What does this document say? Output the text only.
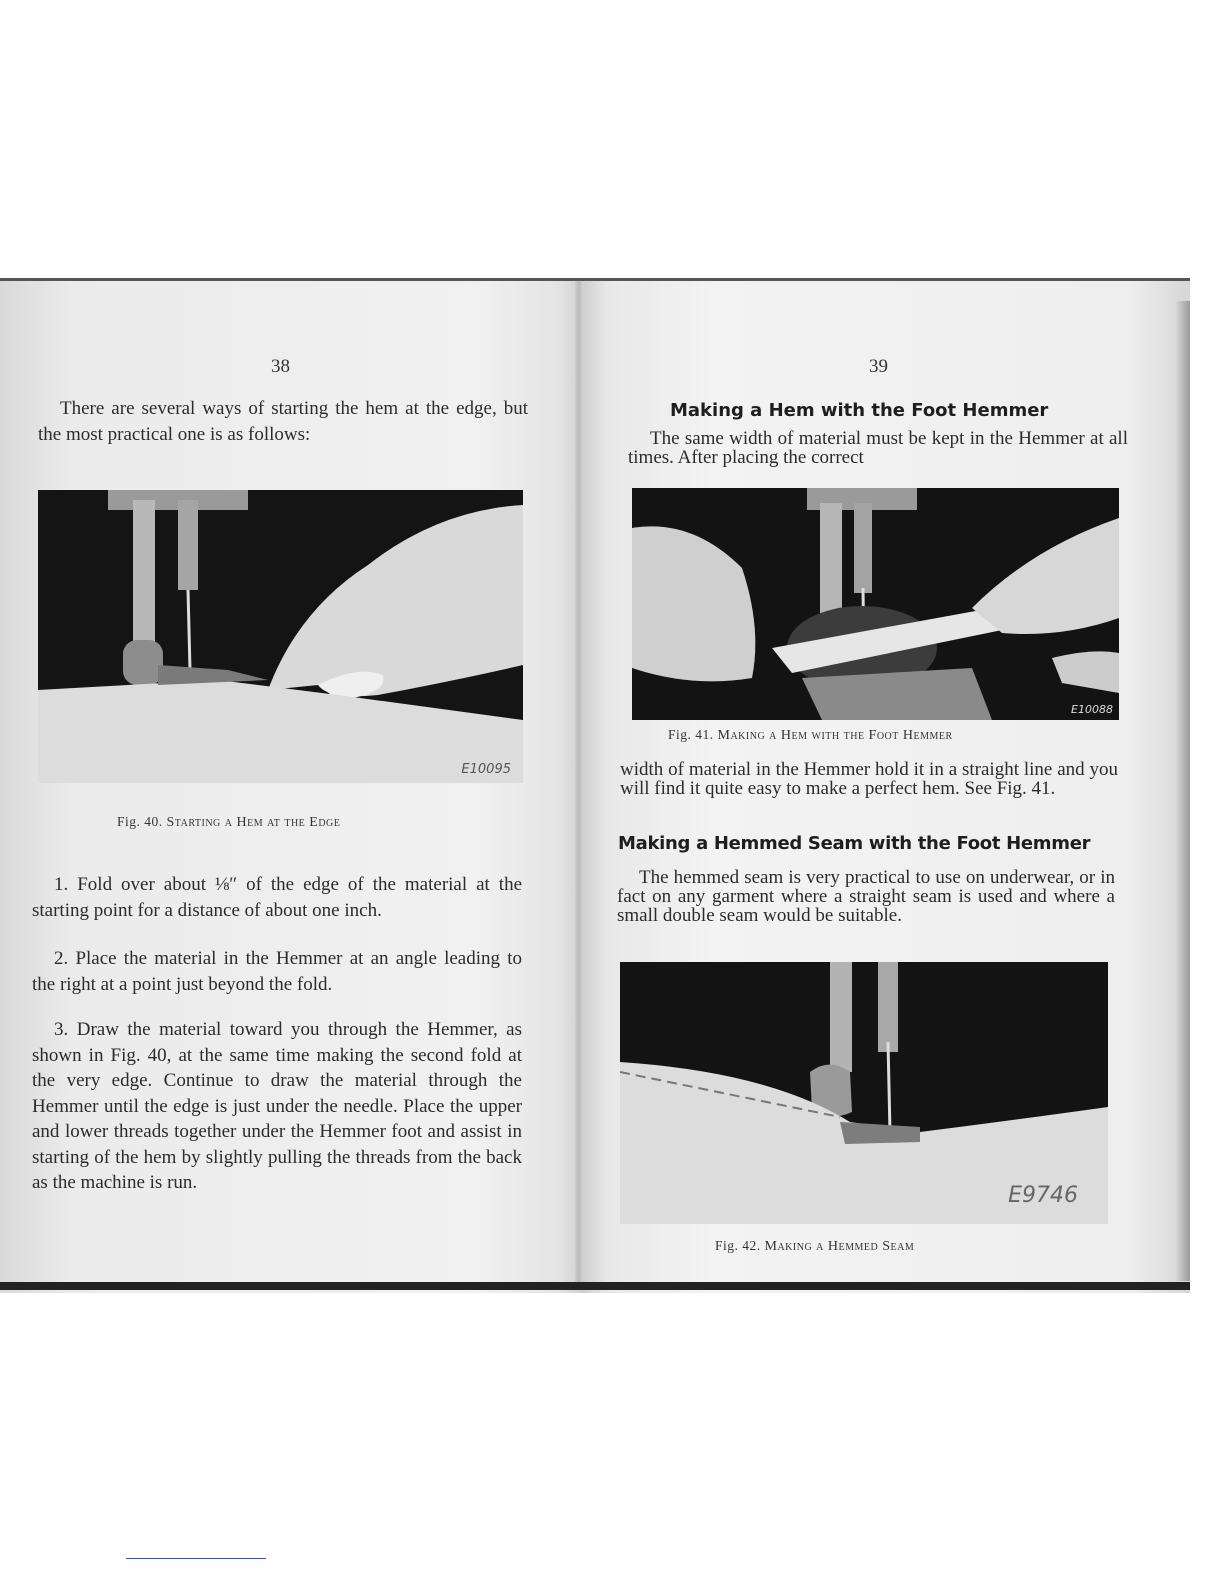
38

There are several ways of starting the hem at the edge, but the most practical one is as follows:

E10095
Fig. 40. Starting a Hem at the Edge

1. Fold over about ⅛″ of the edge of the material at the starting point for a distance of about one inch.

2. Place the material in the Hemmer at an angle leading to the right at a point just beyond the fold.

3. Draw the material toward you through the Hemmer, as shown in Fig. 40, at the same time making the second fold at the very edge. Continue to draw the material through the Hemmer until the edge is just under the needle. Place the upper and lower threads together under the Hemmer foot and assist in starting of the hem by slightly pulling the threads from the back as the machine is run.

39
Making a Hem with the Foot Hemmer

The same width of material must be kept in the Hemmer at all times. After placing the correct

E10088
Fig. 41. Making a Hem with the Foot Hemmer

width of material in the Hemmer hold it in a straight line and you will find it quite easy to make a perfect hem. See Fig. 41.

Making a Hemmed Seam with the Foot Hemmer

The hemmed seam is very practical to use on underwear, or in fact on any garment where a straight seam is used and where a small double seam would be suitable.

E9746
Fig. 42. Making a Hemmed Seam
